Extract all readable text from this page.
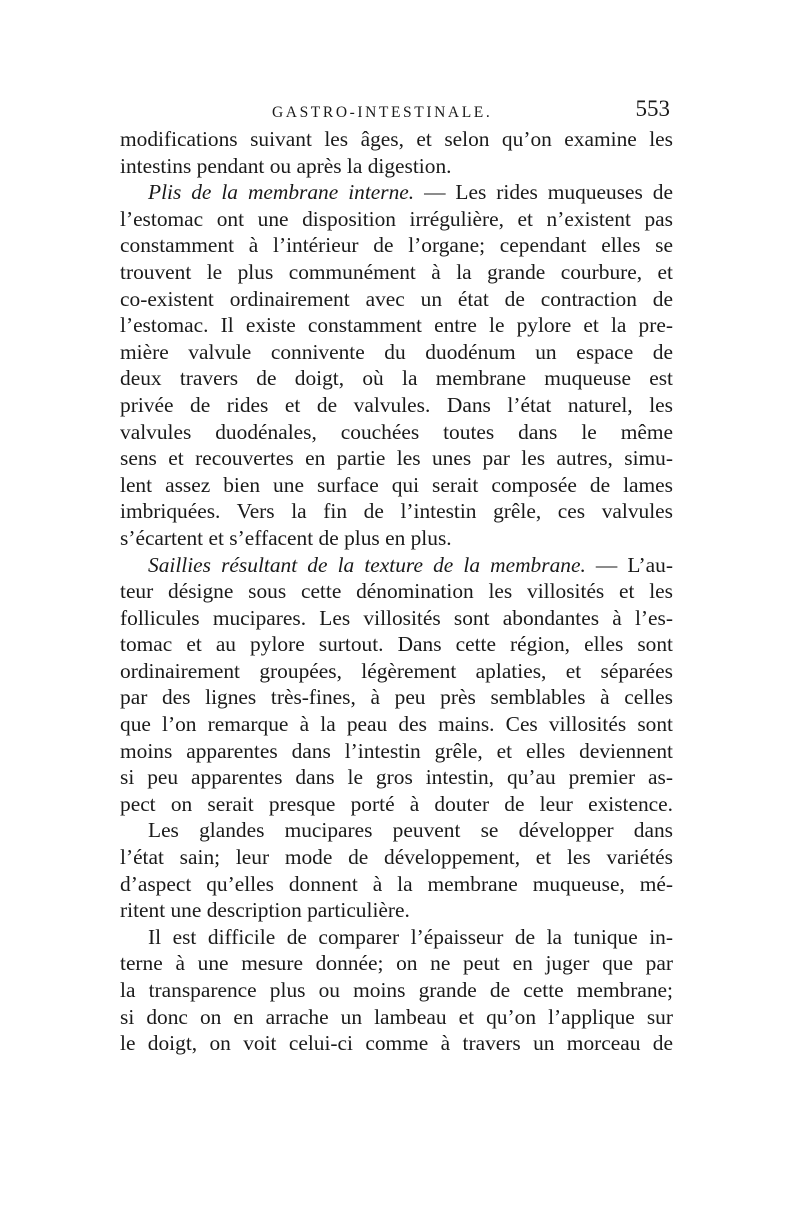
GASTRO-INTESTINALE.	553
modifications suivant les âges, et selon qu’on examine les
intestins pendant ou après la digestion.
Plis de la membrane interne. — Les rides muqueuses de
l’estomac ont une disposition irrégulière, et n’existent pas
constamment à l’intérieur de l’organe; cependant elles se
trouvent le plus communément à la grande courbure, et
co-existent ordinairement avec un état de contraction de
l’estomac. Il existe constamment entre le pylore et la pre-
mière valvule connivente du duodénum un espace de
deux travers de doigt, où la membrane muqueuse est
privée de rides et de valvules. Dans l’état naturel, les
valvules duodénales, couchées toutes dans le même
sens et recouvertes en partie les unes par les autres, simu-
lent assez bien une surface qui serait composée de lames
imbriquées. Vers la fin de l’intestin grêle, ces valvules
s’écartent et s’effacent de plus en plus.
Saillies résultant de la texture de la membrane. — L’au-
teur désigne sous cette dénomination les villosités et les
follicules mucipares. Les villosités sont abondantes à l’es-
tomac et au pylore surtout. Dans cette région, elles sont
ordinairement groupées, légèrement aplaties, et séparées
par des lignes très-fines, à peu près semblables à celles
que l’on remarque à la peau des mains. Ces villosités sont
moins apparentes dans l’intestin grêle, et elles deviennent
si peu apparentes dans le gros intestin, qu’au premier as-
pect on serait presque porté à douter de leur existence.
Les glandes mucipares peuvent se développer dans
l’état sain; leur mode de développement, et les variétés
d’aspect qu’elles donnent à la membrane muqueuse, mé-
ritent une description particulière.
Il est difficile de comparer l’épaisseur de la tunique in-
terne à une mesure donnée; on ne peut en juger que par
la transparence plus ou moins grande de cette membrane;
si donc on en arrache un lambeau et qu’on l’applique sur
le doigt, on voit celui-ci comme à travers un morceau de
